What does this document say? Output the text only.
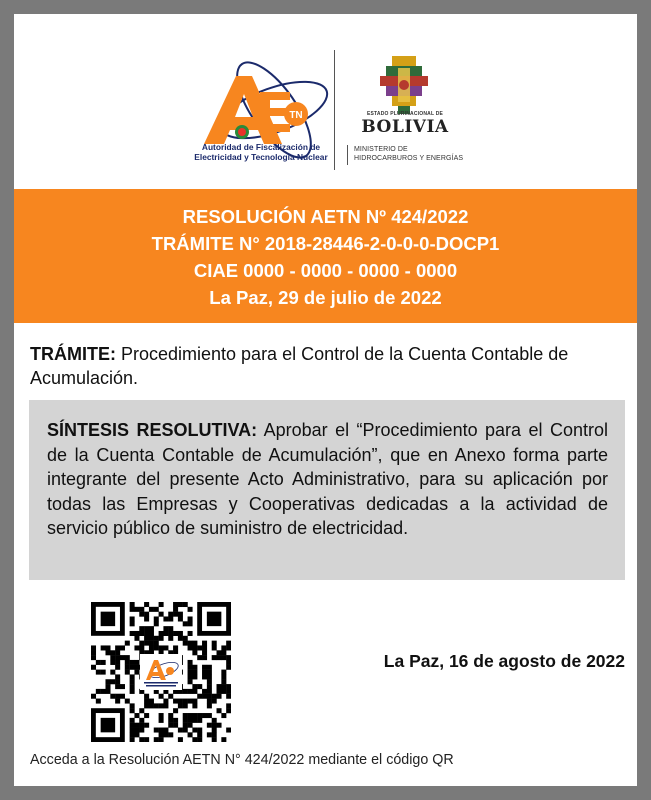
TN
Autoridad de Fiscalización de
Electricidad y Tecnología Nuclear
ESTADO PLURINACIONAL DE
BOLIVIA
MINISTERIO DE
HIDROCARBUROS Y ENERGÍAS
RESOLUCIÓN AETN Nº 424/2022
TRÁMITE N° 2018-28446-2-0-0-0-DOCP1
CIAE 0000 - 0000 - 0000 - 0000
La Paz, 29 de julio de 2022
TRÁMITE: Procedimiento para el Control de la Cuenta Contable de Acumulación.
SÍNTESIS RESOLUTIVA: Aprobar el “Procedimiento para el Control de la Cuenta Contable de Acumulación”, que en Anexo forma parte integrante del presente Acto Administrativo, para su aplicación por todas las Empresas y Cooperativas dedicadas a la actividad de servicio público de suministro de electricidad.
La Paz, 16 de agosto de 2022
Acceda a la Resolución AETN N° 424/2022 mediante el código QR
